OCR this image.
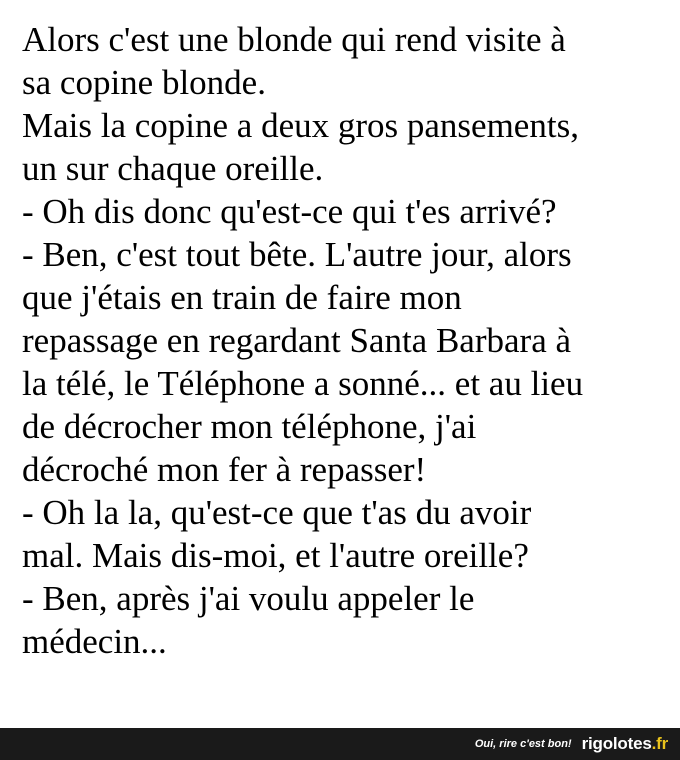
Alors c'est une blonde qui rend visite à
sa copine blonde.
Mais la copine a deux gros pansements,
un sur chaque oreille.
- Oh dis donc qu'est-ce qui t'es arrivé?
- Ben, c'est tout bête. L'autre jour, alors
que j'étais en train de faire mon
repassage en regardant Santa Barbara à
la télé, le Téléphone a sonné... et au lieu
de décrocher mon téléphone, j'ai
décroché mon fer à repasser!
- Oh la la, qu'est-ce que t'as du avoir
mal. Mais dis-moi, et l'autre oreille?
- Ben, après j'ai voulu appeler le
médecin...
Oui, rire c'est bon! rigolotes.fr
